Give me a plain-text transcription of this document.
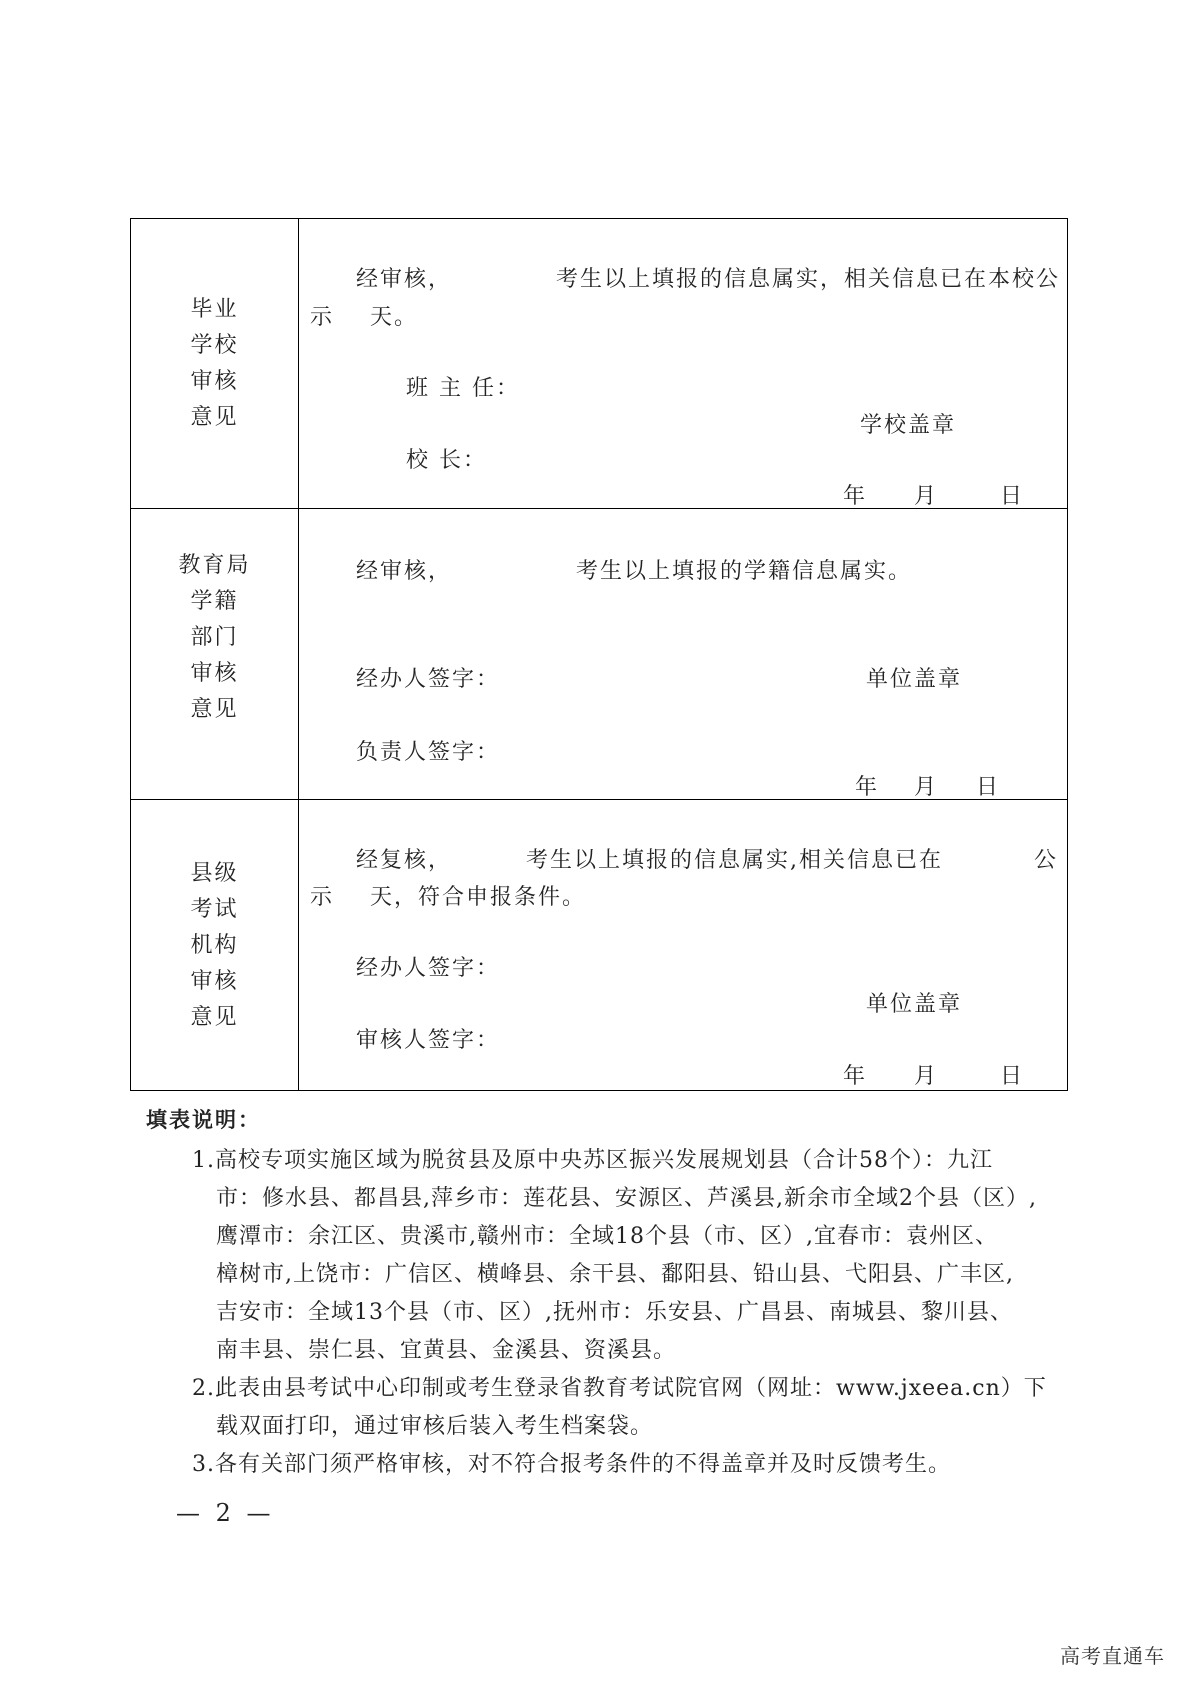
毕业
学校
审核
意见
经审核，	考生以上填报的信息属实，相关信息已在本校公
示 天。
班 主 任：
学校盖章
校 长：
年 月	日
教育局
学籍
部门
审核
意见
经审核，	考生以上填报的学籍信息属实。
经办人签字：	单位盖章
负责人签字：
年 月 日
县级
考试
机构
审核
意见
经复核，	考生以上填报的信息属实,相关信息已在	公
示 天，符合申报条件。
经办人签字：
单位盖章
审核人签字：
年 月	日
填表说明：
1.高校专项实施区域为脱贫县及原中央苏区振兴发展规划县（合计58个）：九江
市：修水县、都昌县,萍乡市：莲花县、安源区、芦溪县,新余市全域2个县（区）,
鹰潭市：余江区、贵溪市,赣州市：全域18个县（市、区）,宜春市：袁州区、
樟树市,上饶市：广信区、横峰县、余干县、鄱阳县、铅山县、弋阳县、广丰区,
吉安市：全域13个县（市、区）,抚州市：乐安县、广昌县、南城县、黎川县、
南丰县、崇仁县、宜黄县、金溪县、资溪县。
2.此表由县考试中心印制或考生登录省教育考试院官网（网址：www.jxeea.cn）下
载双面打印，通过审核后装入考生档案袋。
3.各有关部门须严格审核，对不符合报考条件的不得盖章并及时反馈考生。
— 2 —
高考直通车
